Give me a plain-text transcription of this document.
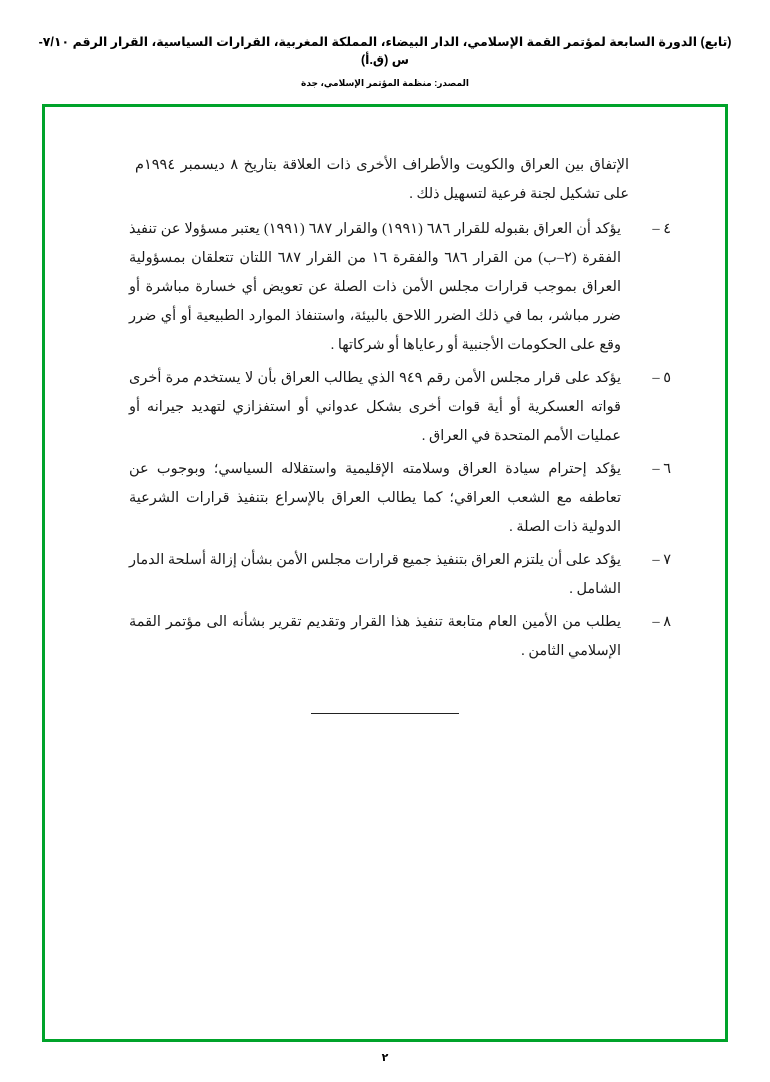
(تابع) الدورة السابعة لمؤتمر القمة الإسلامي، الدار البيضاء، المملكة المغربية، القرارات السياسية، القرار الرقم ٧/١٠-س (ق.أ)
المصدر: منظمة المؤتمر الإسلامي، جدة

الإتفاق بين العراق والكويت والأطراف الأخرى ذات العلاقة بتاريخ ٨ ديسمبر ١٩٩٤م على تشكيل لجنة فرعية لتسهيل ذلك .

٤ –
يؤكد أن العراق بقبوله للقرار ٦٨٦ (١٩٩١) والقرار ٦٨٧ (١٩٩١) يعتبر مسؤولا عن تنفيذ الفقرة (٢–ب) من القرار ٦٨٦ والفقرة ١٦ من القرار ٦٨٧ اللتان تتعلقان بمسؤولية العراق بموجب قرارات مجلس الأمن ذات الصلة عن تعويض أي خسارة مباشرة أو ضرر مباشر، بما في ذلك الضرر اللاحق بالبيئة، واستنفاذ الموارد الطبيعية أو أي ضرر وقع على الحكومات الأجنبية أو رعاياها أو شركاتها .
٥ –
يؤكد على قرار مجلس الأمن رقم ٩٤٩ الذي يطالب العراق بأن لا يستخدم مرة أخرى قواته العسكرية أو أية قوات أخرى بشكل عدواني أو استفزازي لتهديد جيرانه أو عمليات الأمم المتحدة في العراق .
٦ –
يؤكد إحترام سيادة العراق وسلامته الإقليمية واستقلاله السياسي؛ وبوجوب عن تعاطفه مع الشعب العراقي؛ كما يطالب العراق بالإسراع بتنفيذ قرارات الشرعية الدولية ذات الصلة .
٧ –
يؤكد على أن يلتزم العراق بتنفيذ جميع قرارات مجلس الأمن بشأن إزالة أسلحة الدمار الشامل .
٨ –
يطلب من الأمين العام متابعة تنفيذ هذا القرار وتقديم تقرير بشأنه الى مؤتمر القمة الإسلامي الثامن .
٢
